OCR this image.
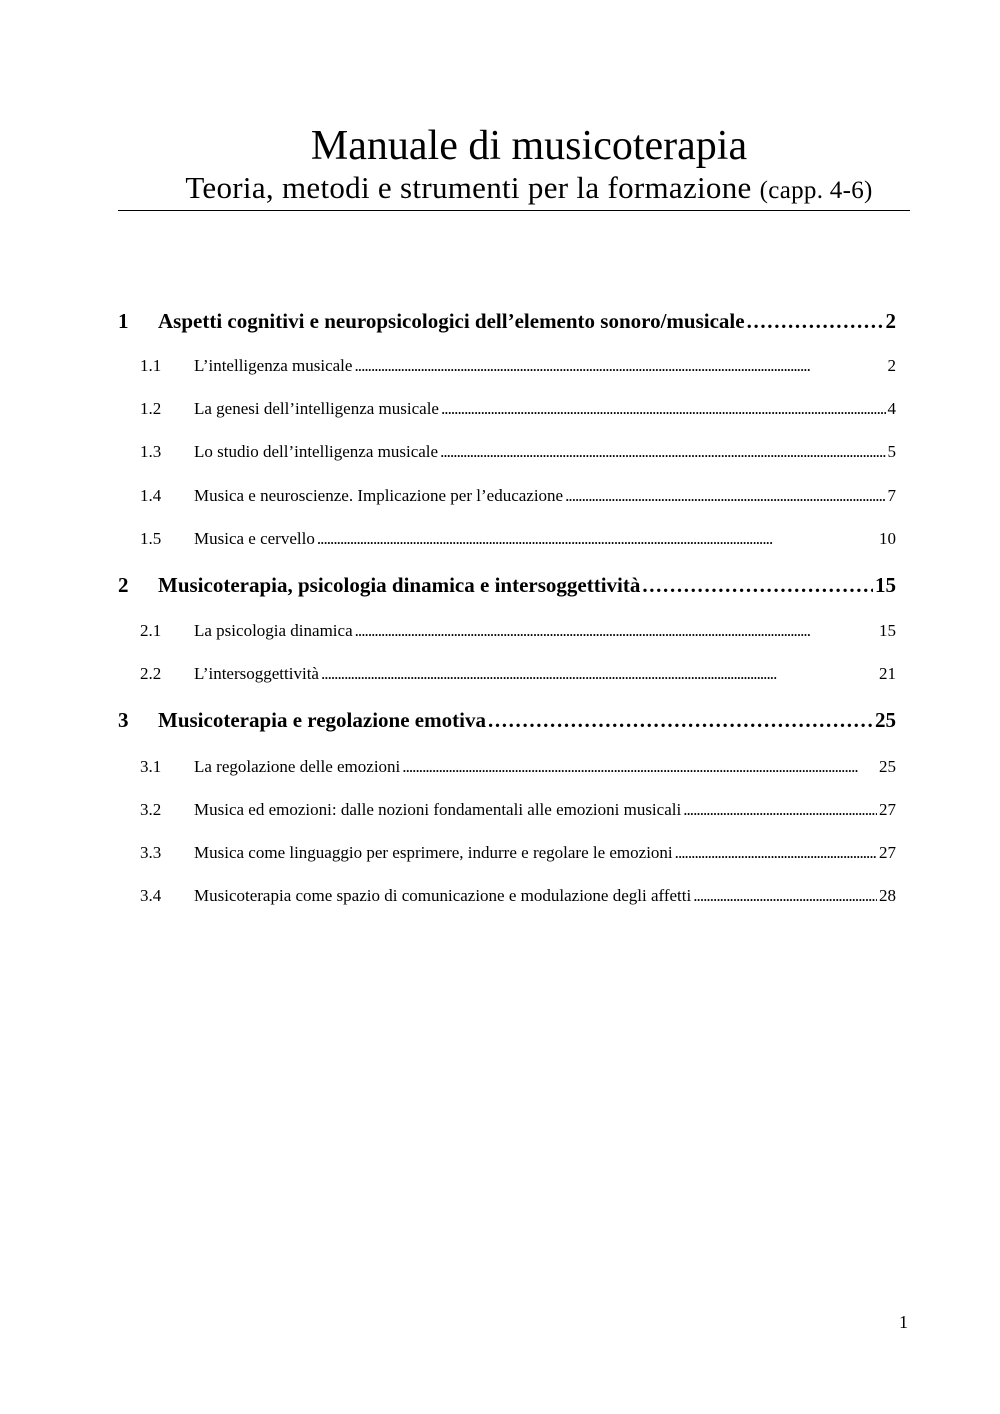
Manuale di musicoterapia

Teoria, metodi e strumenti per la formazione (capp. 4-6)

1	Aspetti cognitivi e neuropsicologici dell’elemento sonoro/musicale . . .	2
1.1	L’intelligenza musicale . . .	2
1.2	La genesi dell’intelligenza musicale . . .	4
1.3	Lo studio dell’intelligenza musicale . . .	5
1.4	Musica e neuroscienze. Implicazione per l’educazione . . .	7
1.5	Musica e cervello . . .	10
2	Musicoterapia, psicologia dinamica e intersoggettività . . .	15
2.1	La psicologia dinamica . . .	15
2.2	L’intersoggettività . . .	21
3	Musicoterapia e regolazione emotiva . . .	25
3.1	La regolazione delle emozioni . . .	25
3.2	Musica ed emozioni: dalle nozioni fondamentali alle emozioni musicali . . .	27
3.3	Musica come linguaggio per esprimere, indurre e regolare le emozioni . . .	27
3.4	Musicoterapia come spazio di comunicazione e modulazione degli affetti . . .	28
1
